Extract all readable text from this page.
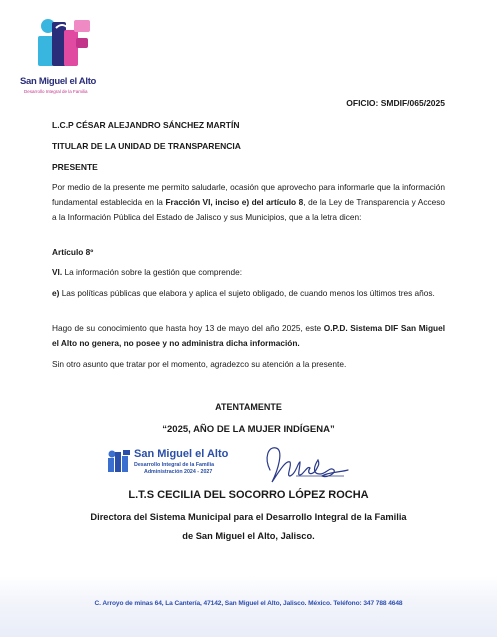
San Miguel el Alto
Desarrollo Integral de la Familia
OFICIO: SMDIF/065/2025
L.C.P CÉSAR ALEJANDRO SÁNCHEZ MARTÍN
TITULAR DE LA UNIDAD DE TRANSPARENCIA
PRESENTE
Por medio de la presente me permito saludarle, ocasión que aprovecho para informarle que la información fundamental establecida en la Fracción VI, inciso e) del artículo 8, de la Ley de Transparencia y Acceso a la Información Pública del Estado de Jalisco y sus Municipios, que a la letra dicen:
Artículo 8º
VI. La información sobre la gestión que comprende:
e) Las políticas públicas que elabora y aplica el sujeto obligado, de cuando menos los últimos tres años.
Hago de su conocimiento que hasta hoy 13 de mayo del año 2025, este O.P.D. Sistema DIF San Miguel el Alto no genera, no posee y no administra dicha información.
Sin otro asunto que tratar por el momento, agradezco su atención a la presente.
ATENTAMENTE
“2025, AÑO DE LA MUJER INDÍGENA”
San Miguel el Alto
Desarrollo Integral de la Familia
Administración 2024 - 2027
L.T.S CECILIA DEL SOCORRO LÓPEZ ROCHA
Directora del Sistema Municipal para el Desarrollo Integral de la Familia
de San Miguel el Alto, Jalisco.
C. Arroyo de minas 64, La Cantería, 47142, San Miguel el Alto, Jalisco. México. Teléfono: 347 788 4648
